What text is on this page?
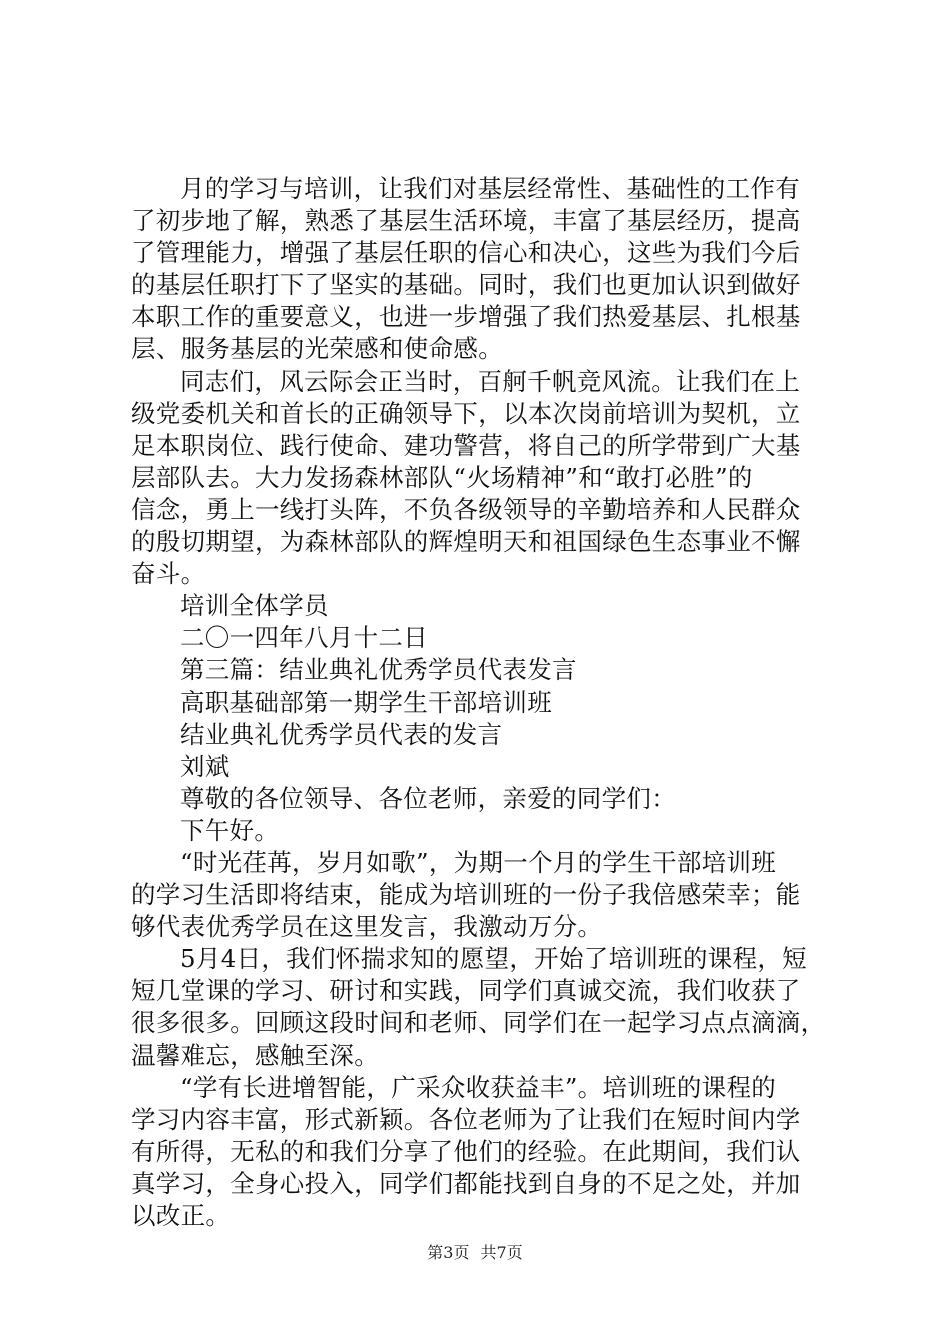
月的学习与培训，让我们对基层经常性、基础性的工作有
了初步地了解，熟悉了基层生活环境，丰富了基层经历，提高
了管理能力，增强了基层任职的信心和决心，这些为我们今后
的基层任职打下了坚实的基础。同时，我们也更加认识到做好
本职工作的重要意义，也进一步增强了我们热爱基层、扎根基
层、服务基层的光荣感和使命感。
同志们，风云际会正当时，百舸千帆竞风流。让我们在上
级党委机关和首长的正确领导下，以本次岗前培训为契机，立
足本职岗位、践行使命、建功警营，将自己的所学带到广大基
层部队去。大力发扬森林部队“火场精神”和“敢打必胜”的
信念，勇上一线打头阵，不负各级领导的辛勤培养和人民群众
的殷切期望，为森林部队的辉煌明天和祖国绿色生态事业不懈
奋斗。
培训全体学员
二〇一四年八月十二日
第三篇：结业典礼优秀学员代表发言
高职基础部第一期学生干部培训班
结业典礼优秀学员代表的发言
刘斌
尊敬的各位领导、各位老师，亲爱的同学们：
下午好。
“时光荏苒，岁月如歌”，为期一个月的学生干部培训班
的学习生活即将结束，能成为培训班的一份子我倍感荣幸；能
够代表优秀学员在这里发言，我激动万分。
5月4日，我们怀揣求知的愿望，开始了培训班的课程，短
短几堂课的学习、研讨和实践，同学们真诚交流，我们收获了
很多很多。回顾这段时间和老师、同学们在一起学习点点滴滴，
温馨难忘，感触至深。
“学有长进增智能，广采众收获益丰”。培训班的课程的
学习内容丰富，形式新颖。各位老师为了让我们在短时间内学
有所得，无私的和我们分享了他们的经验。在此期间，我们认
真学习，全身心投入，同学们都能找到自身的不足之处，并加
以改正。
第3页 共7页
